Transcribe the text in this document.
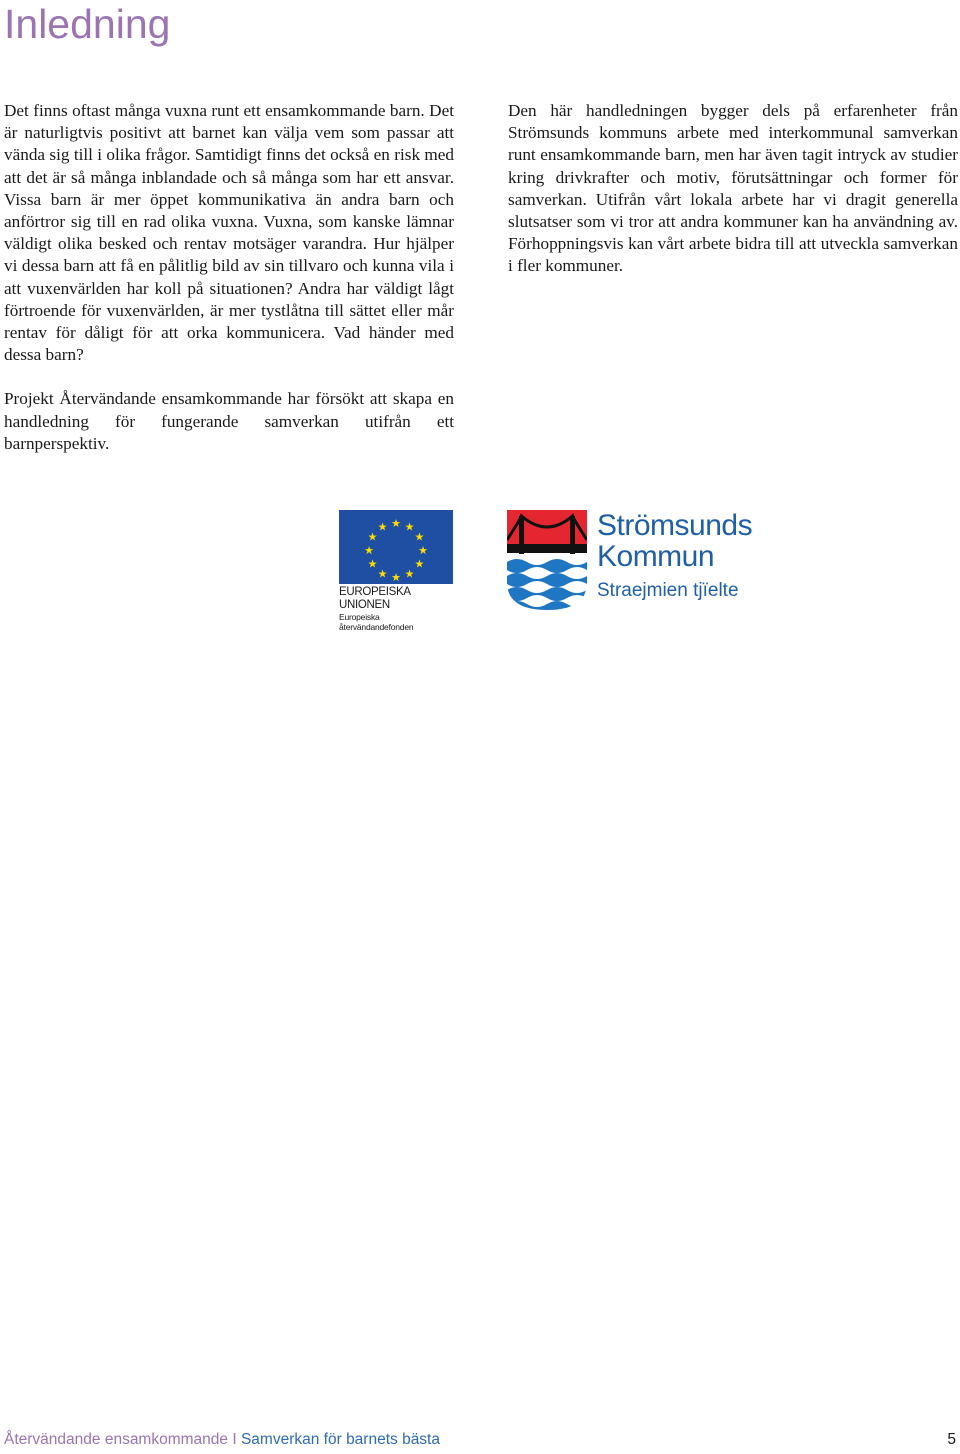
Inledning

Det finns oftast många vuxna runt ett ensamkommande barn. Det är naturligtvis positivt att barnet kan välja vem som passar att vända sig till i olika frågor. Samtidigt finns det också en risk med att det är så många inblandade och så många som har ett ansvar. Vissa barn är mer öppet kommunikativa än andra barn och anförtror sig till en rad olika vuxna. Vuxna, som kanske lämnar väldigt olika besked och rentav motsäger varandra. Hur hjälper vi dessa barn att få en pålitlig bild av sin tillvaro och kunna vila i att vuxenvärlden har koll på situationen? Andra har väldigt lågt förtroende för vuxenvärlden, är mer tystlåtna till sättet eller mår rentav för dåligt för att orka kommunicera. Vad händer med dessa barn?

Projekt Återvändande ensamkommande har försökt att skapa en handledning för fungerande samverkan utifrån ett barnperspektiv.

Den här handledningen bygger dels på erfarenheter från Strömsunds kommuns arbete med interkommunal samverkan runt ensamkommande barn, men har även tagit intryck av studier kring drivkrafter och motiv, förutsättningar och former för samverkan. Utifrån vårt lokala arbete har vi dragit generella slutsatser som vi tror att andra kommuner kan ha användning av. Förhoppningsvis kan vårt arbete bidra till att utveckla samverkan i fler kommuner.

★ ★
★
★
★
★
★
★
★
★
★
★
EUROPEISKA UNIONEN
Europeiska återvändandefonden
Strömsunds
Kommun
Straejmien tjïelte
Återvändande ensamkommande I Samverkan för barnets bästa	5
